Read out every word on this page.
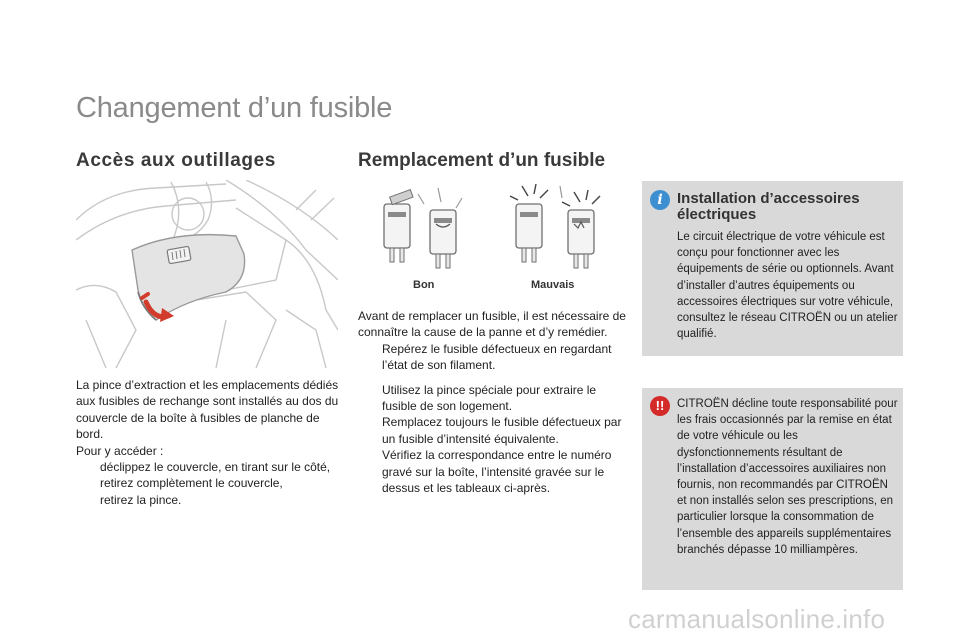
Changement d’un fusible
Accès aux outillages

La pince d’extraction et les emplacements dédiés aux fusibles de rechange sont installés au dos du couvercle de la boîte à fusibles de planche de bord.

Pour y accéder :

déclippez le couvercle, en tirant sur le côté,
retirez complètement le couvercle,
retirez la pince.
Remplacement d’un fusible
Bon	Mauvais

Avant de remplacer un fusible, il est nécessaire de connaître la cause de la panne et d’y remédier.

Repérez le fusible défectueux en regardant l’état de son filament.
Utilisez la pince spéciale pour extraire le fusible de son logement.
Remplacez toujours le fusible défectueux par un fusible d’intensité équivalente.
Vérifiez la correspondance entre le numéro gravé sur la boîte, l’intensité gravée sur le dessus et les tableaux ci-après.
i Installation d’accessoires électriques

Le circuit électrique de votre véhicule est conçu pour fonctionner avec les équipements de série ou optionnels. Avant d’installer d’autres équipements ou accessoires électriques sur votre véhicule, consultez le réseau CITROËN ou un atelier qualifié.

!!	CITROËN décline toute responsabilité pour les frais occasionnés par la remise en état de votre véhicule ou les dysfonctionnements résultant de l’installation d’accessoires auxiliaires non fournis, non recommandés par CITROËN et non installés selon ses prescriptions, en particulier lorsque la consommation de l’ensemble des appareils supplémentaires branchés dépasse 10 milliampères.

carmanualsonline.info
